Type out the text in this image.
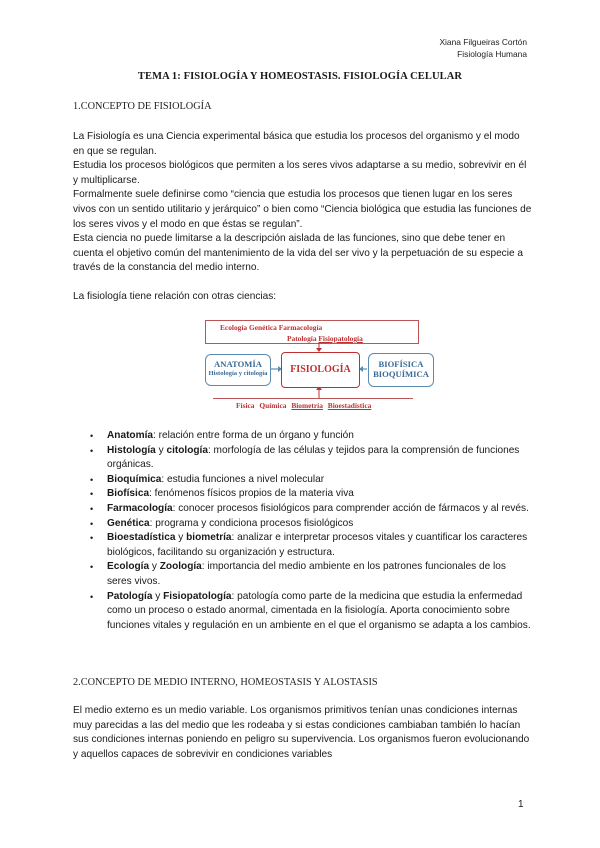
Xiana Filgueiras Cortón
Fisiología Humana
TEMA 1: FISIOLOGÍA Y HOMEOSTASIS. FISIOLOGÍA CELULAR
1.CONCEPTO DE FISIOLOGÍA

La Fisiología es una Ciencia experimental básica que estudia los procesos del organismo y el modo en que se regulan.

Estudia los procesos biológicos que permiten a los seres vivos adaptarse a su medio, sobrevivir en él y multiplicarse.

Formalmente suele definirse como “ciencia que estudia los procesos que tienen lugar en los seres vivos con un sentido utilitario y jerárquico” o bien como “Ciencia biológica que estudia las funciones de los seres vivos y el modo en que éstas se regulan”.

Esta ciencia no puede limitarse a la descripción aislada de las funciones, sino que debe tener en cuenta el objetivo común del mantenimiento de la vida del ser vivo y la perpetuación de su especie a través de la constancia del medio interno.

La fisiología tiene relación con otras ciencias:
Ecología Genética Farmacología
Patología Fisiopatología
ANATOMÍA
Histología y citología	FISIOLOGÍA	BIOFÍSICA
BIOQUÍMICA
Física Química Biometría Bioestadística
• Anatomía: relación entre forma de un órgano y función
• Histología y citología: morfología de las células y tejidos para la comprensión de funciones orgánicas.
• Bioquímica: estudia funciones a nivel molecular
• Biofísica: fenómenos físicos propios de la materia viva
• Farmacología: conocer procesos fisiológicos para comprender acción de fármacos y al revés.
• Genética: programa y condiciona procesos fisiológicos
• Bioestadística y biometría: analizar e interpretar procesos vitales y cuantificar los caracteres biológicos, facilitando su organización y estructura.
• Ecología y Zoología: importancia del medio ambiente en los patrones funcionales de los seres vivos.
• Patología y Fisiopatología: patología como parte de la medicina que estudia la enfermedad como un proceso o estado anormal, cimentada en la fisiología. Aporta conocimiento sobre funciones vitales y regulación en un ambiente en el que el organismo se adapta a los cambios.
2.CONCEPTO DE MEDIO INTERNO, HOMEOSTASIS Y ALOSTASIS

El medio externo es un medio variable. Los organismos primitivos tenían unas condiciones internas muy parecidas a las del medio que les rodeaba y si estas condiciones cambiaban también lo hacían sus condiciones internas poniendo en peligro su supervivencia. Los organismos fueron evolucionando y aquellos capaces de sobrevivir en condiciones variables

1
